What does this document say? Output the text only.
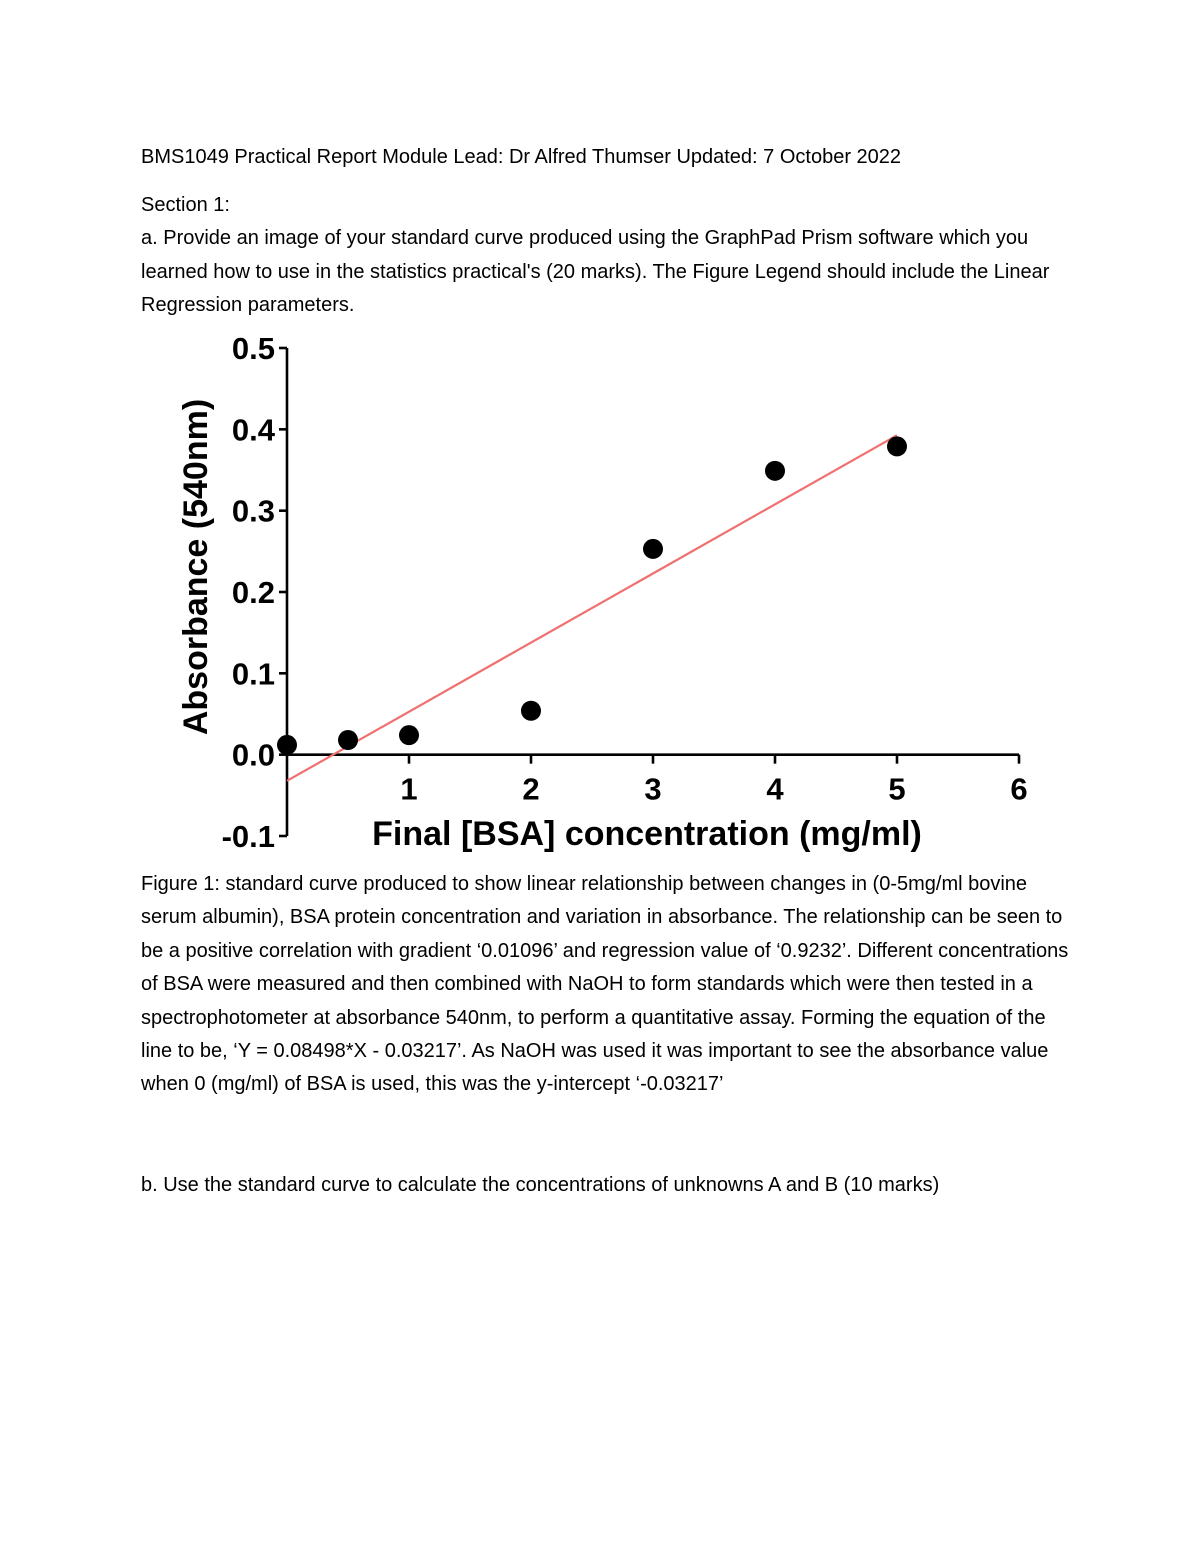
BMS1049 Practical Report Module Lead: Dr Alfred Thumser Updated: 7 October 2022
Section 1:
a. Provide an image of your standard curve produced using the GraphPad Prism software which you learned how to use in the statistics practical's (20 marks). The Figure Legend should include the Linear Regression parameters.
-0.1
0.0
0.1
0.2
0.3
0.4
0.5
1	2	3	4	5	6
Final [BSA] concentration (mg/ml)
Absorbance (540nm)
Figure 1: standard curve produced to show linear relationship between changes in (0-5mg/ml bovine serum albumin), BSA protein concentration and variation in absorbance. The relationship can be seen to be a positive correlation with gradient ‘0.01096’ and regression value of ‘0.9232’. Different concentrations of BSA were measured and then combined with NaOH to form standards which were then tested in a spectrophotometer at absorbance 540nm, to perform a quantitative assay. Forming the equation of the line to be, ‘Y = 0.08498*X - 0.03217’. As NaOH was used it was important to see the absorbance value when 0 (mg/ml) of BSA is used, this was the y-intercept ‘-0.03217’
b. Use the standard curve to calculate the concentrations of unknowns A and B (10 marks)
